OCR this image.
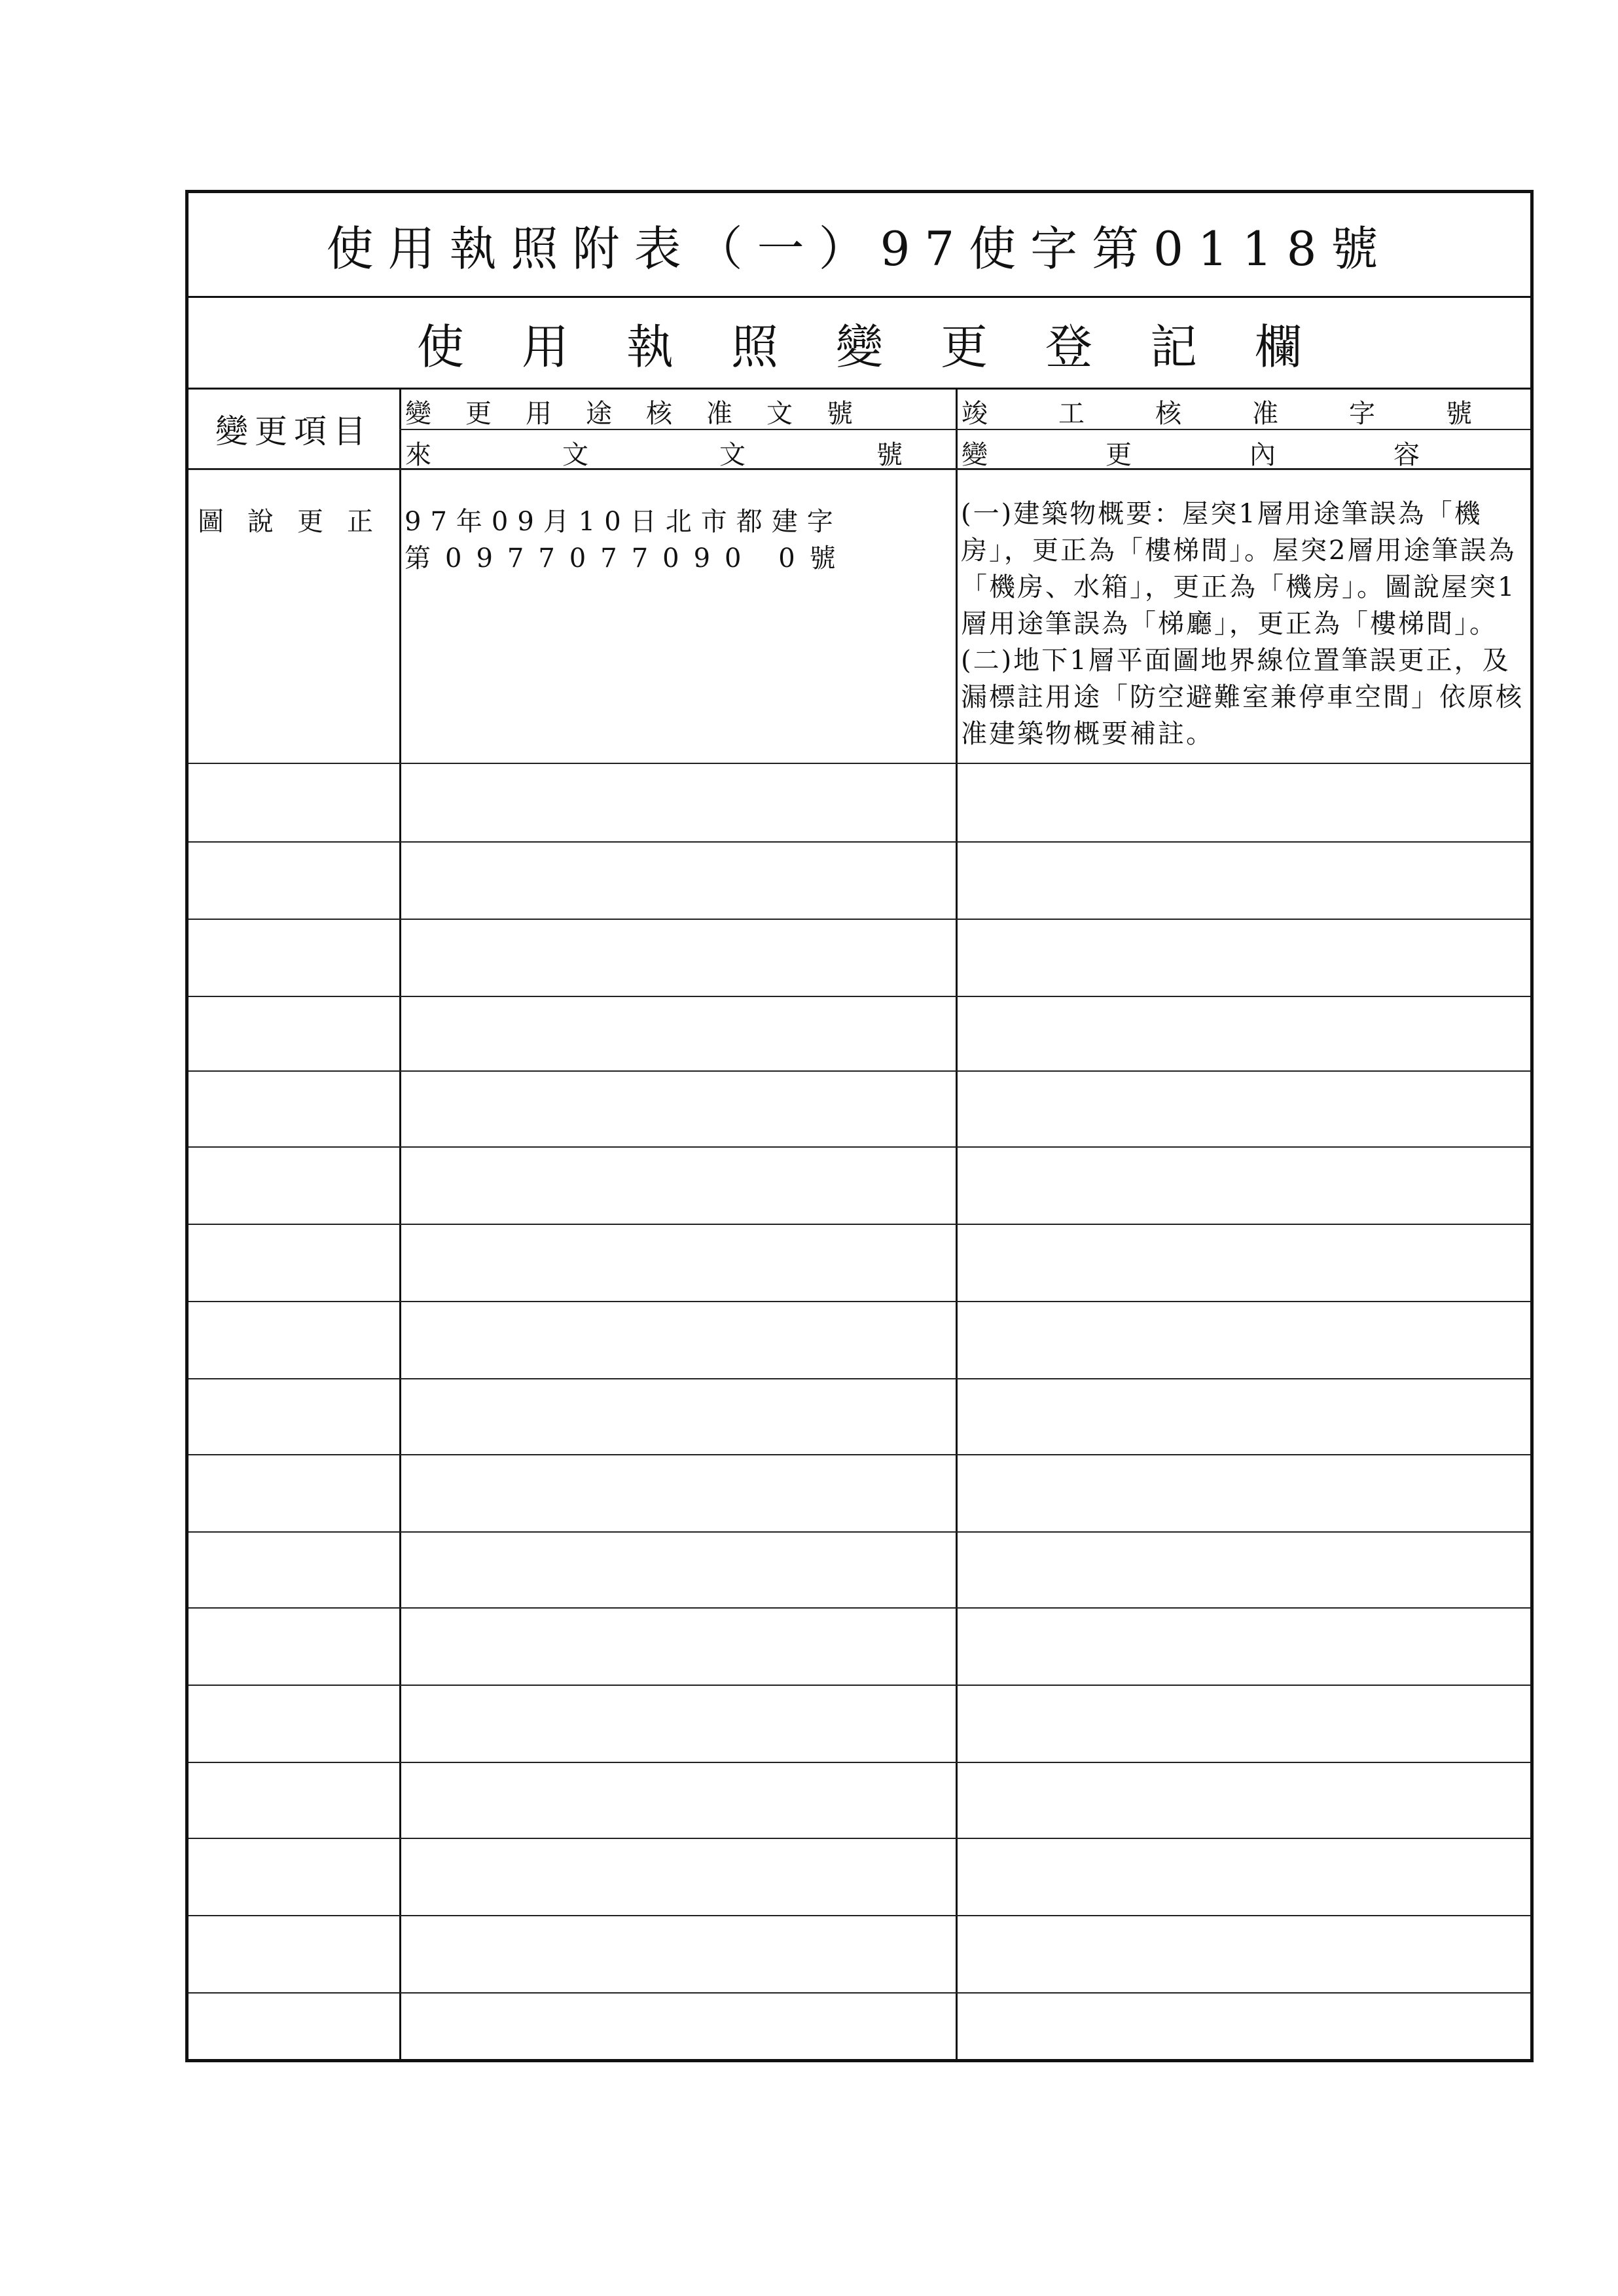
使用執照附表（一）97使字第0118號
使 用 執 照 變 更 登 記 欄
變更項目	變更用途核准文號	竣工核准字號
來文文號
變更內容
圖說更正 97年09月10日北市都建字
第0977077090 0號
(一)建築物概要：屋突1層用途筆誤為「機房」，更正為「樓梯間」。屋突2層用途筆誤為「機房、水箱」，更正為「機房」。圖說屋突1層用途筆誤為「梯廳」，更正為「樓梯間」。(二)地下1層平面圖地界線位置筆誤更正，及漏標註用途「防空避難室兼停車空間」依原核准建築物概要補註。
